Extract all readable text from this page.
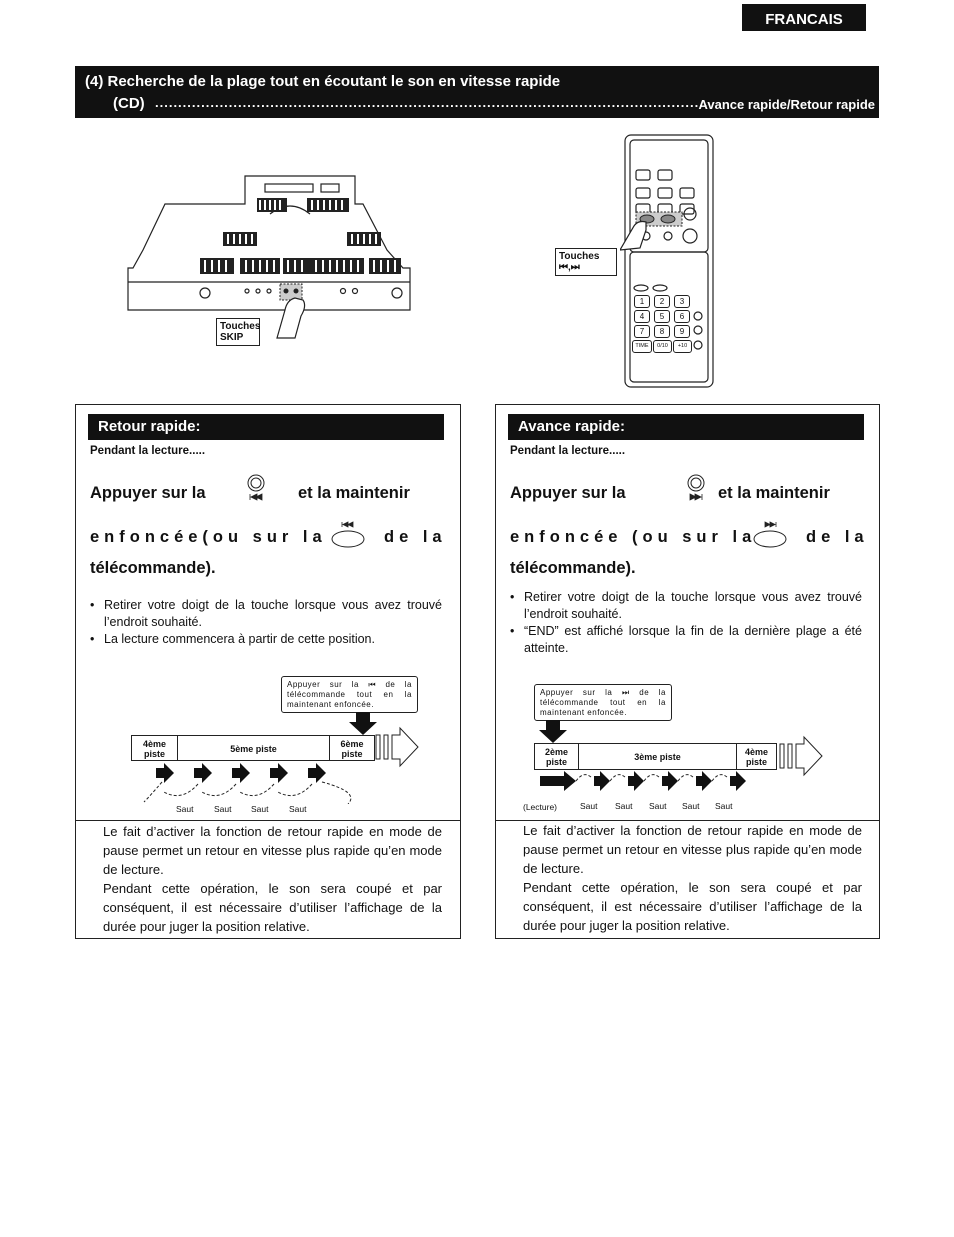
FRANCAIS
(4) Recherche de la plage tout en écoutant le son en vitesse rapide
(CD) ........................................................................................................................
Avance rapide/Retour rapide
Touches
SKIP
1	2	3
4	5	6
7	8	9
TIME	0/10	+10
Touches
⏮,⏭
Retour rapide:
Pendant la lecture.....
Appuyer sur la	et la maintenir
enfoncée(ou sur la	de la
télécommande).
• Retirer votre doigt de la touche lorsque vous avez trouvé l’endroit souhaité.
• La lecture commencera à partir de cette position.
Appuyer sur la ⏮ de la télécommande tout en la maintenant enfoncée.
4ème piste	5ème piste	6ème piste
Saut Saut Saut Saut
Le fait d’activer la fonction de retour rapide en mode de pause permet un retour en vitesse plus rapide qu’en mode de lecture.
Pendant cette opération, le son sera coupé et par conséquent, il est nécessaire d’utiliser l’affichage de la durée pour juger la position relative.
Avance rapide:
Pendant la lecture.....
Appuyer sur la	et la maintenir
enfoncée (ou sur la	de la
télécommande).
• Retirer votre doigt de la touche lorsque vous avez trouvé l’endroit souhaité.
• “END” est affiché lorsque la fin de la dernière plage a été atteinte.
Appuyer sur la ⏭ de la télécommande tout en la maintenant enfoncée.
2ème piste	3ème piste	4ème piste
(Lecture)	Saut Saut Saut Saut Saut
Le fait d’activer la fonction de retour rapide en mode de pause permet un retour en vitesse plus rapide qu’en mode de lecture.
Pendant cette opération, le son sera coupé et par conséquent, il est nécessaire d’utiliser l’affichage de la durée pour juger la position relative.
